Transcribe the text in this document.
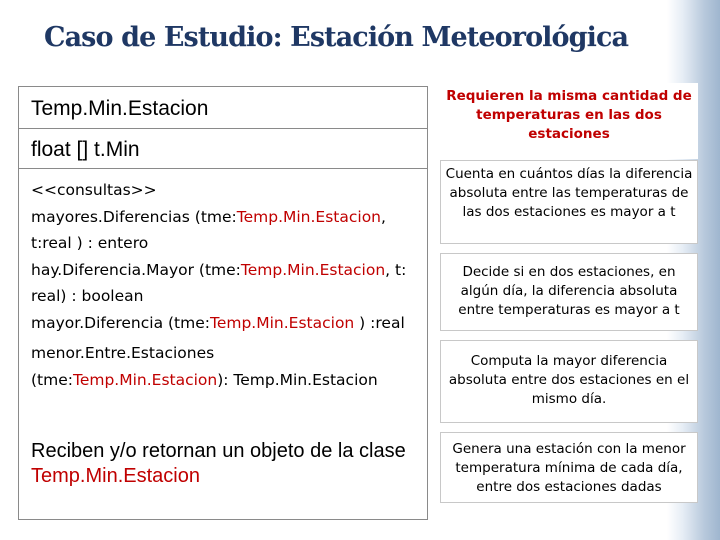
Caso de Estudio: Estación Meteorológica
Temp.Min.Estacion
float [] t.Min
<<consultas>>
mayores.Diferencias (tme:Temp.Min.Estacion,
t:real ) : entero
hay.Diferencia.Mayor (tme:Temp.Min.Estacion, t:
real) : boolean
mayor.Diferencia (tme:Temp.Min.Estacion ) :real
menor.Entre.Estaciones
(tme:Temp.Min.Estacion): Temp.Min.Estacion
Reciben y/o retornan un objeto de la clase Temp.Min.Estacion
Requieren la misma cantidad de temperaturas en las dos estaciones
Cuenta en cuántos días la diferencia absoluta entre las temperaturas de las dos estaciones es mayor a t
Decide si en dos estaciones, en algún día, la diferencia absoluta entre temperaturas es mayor a t
Computa la mayor diferencia absoluta entre dos estaciones en el mismo día.
Genera una estación con la menor temperatura mínima de cada día, entre dos estaciones dadas
